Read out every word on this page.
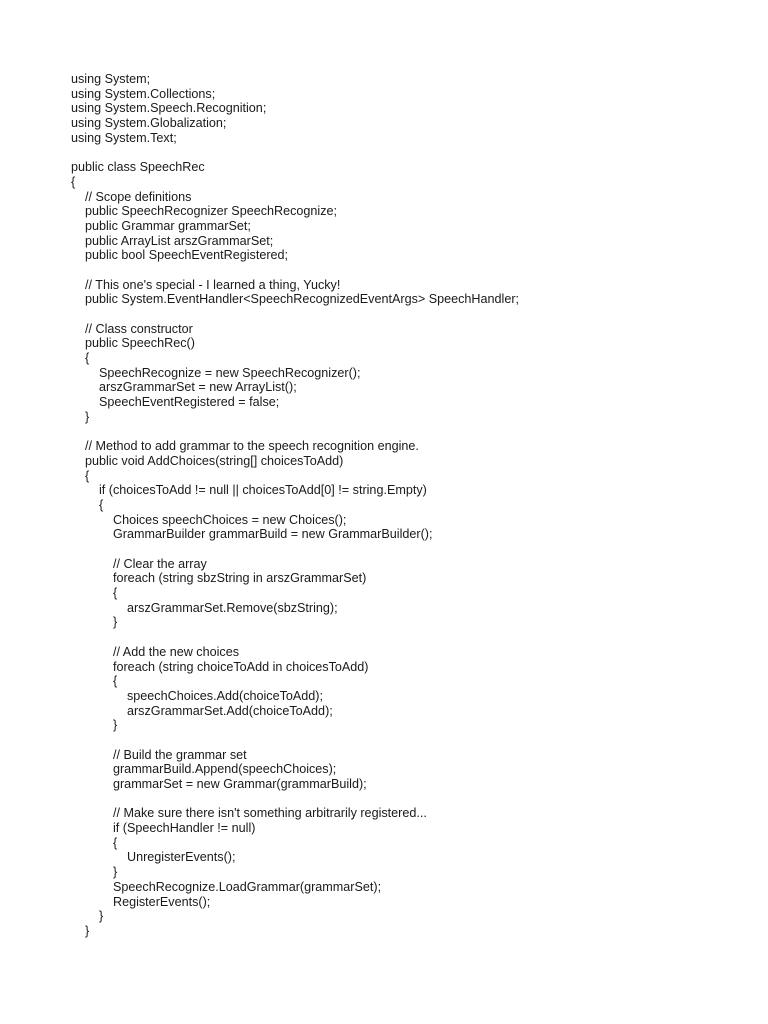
using System;
using System.Collections;
using System.Speech.Recognition;
using System.Globalization;
using System.Text;
public class SpeechRec
{
// Scope definitions
public SpeechRecognizer SpeechRecognize;
public Grammar grammarSet;
public ArrayList arszGrammarSet;
public bool SpeechEventRegistered;
// This one's special - I learned a thing, Yucky!
public System.EventHandler<SpeechRecognizedEventArgs> SpeechHandler;
// Class constructor
public SpeechRec()
{
SpeechRecognize = new SpeechRecognizer();
arszGrammarSet = new ArrayList();
SpeechEventRegistered = false;
}
// Method to add grammar to the speech recognition engine.
public void AddChoices(string[] choicesToAdd)
{
if (choicesToAdd != null || choicesToAdd[0] != string.Empty)
{
Choices speechChoices = new Choices();
GrammarBuilder grammarBuild = new GrammarBuilder();
// Clear the array
foreach (string sbzString in arszGrammarSet)
{
arszGrammarSet.Remove(sbzString);
}
// Add the new choices
foreach (string choiceToAdd in choicesToAdd)
{
speechChoices.Add(choiceToAdd);
arszGrammarSet.Add(choiceToAdd);
}
// Build the grammar set
grammarBuild.Append(speechChoices);
grammarSet = new Grammar(grammarBuild);
// Make sure there isn't something arbitrarily registered...
if (SpeechHandler != null)
{
UnregisterEvents();
}
SpeechRecognize.LoadGrammar(grammarSet);
RegisterEvents();
}
}
